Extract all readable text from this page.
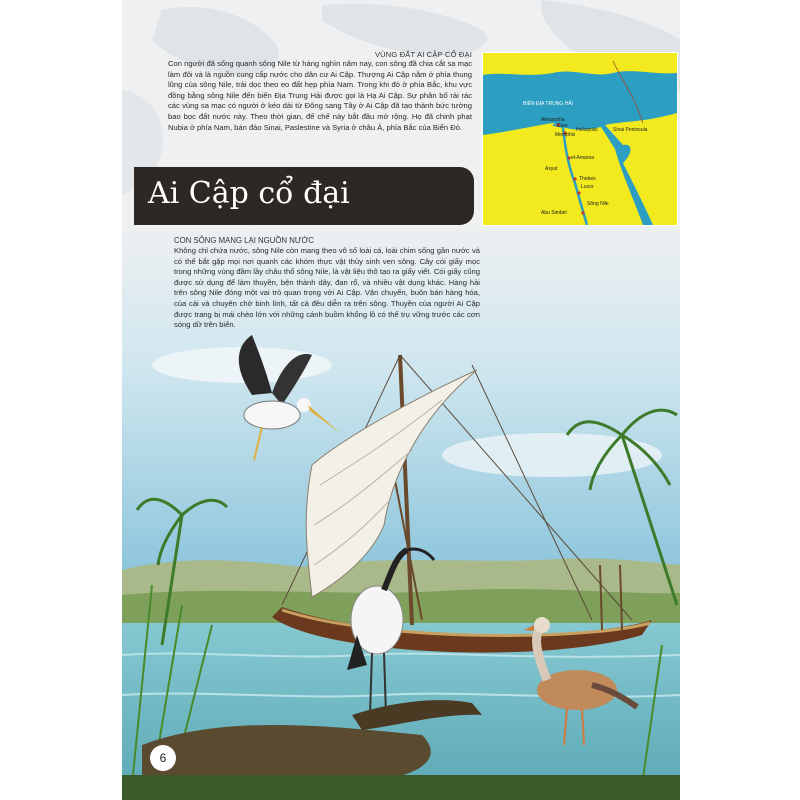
VÙNG ĐẤT AI CẬP CỔ ĐẠI
Con người đã sống quanh sông Nile từ hàng nghìn năm nay, con sông đã chia cắt sa mạc làm đôi và là nguồn cung cấp nước cho dân cư Ai Cập. Thượng Ai Cập nằm ở phía thung lũng của sông Nile, trải dọc theo eo đất hẹp phía Nam. Trong khi đó ở phía Bắc, khu vực đồng bằng sông Nile đến biển Địa Trung Hải được gọi là Hạ Ai Cập. Sự phân bố rải rác các vùng sa mạc có người ở kéo dài từ Đông sang Tây ở Ai Cập đã tạo thành bức tường bao bọc đất nước này. Theo thời gian, đế chế này bắt đầu mở rộng. Họ đã chinh phạt Nubia ở phía Nam, bán đảo Sinai, Paslestine và Syria ở châu Á, phía Bắc của Biển Đỏ.
BIỂN ĐỊA TRUNG HẢI
Alexandria
Giza
Memphis
Heliopolis	Sinai Peninsula
el-Amarna
Asyut
Thebes
Luxor
Abu Simbel
Sông Nile
Ai Cập cổ đại
CON SÔNG MANG LẠI NGUỒN NƯỚC
Không chỉ chứa nước, sông Nile còn mang theo vô số loài cá, loài chim sống gần nước và có thể bắt gặp mọi nơi quanh các khóm thực vật thủy sinh ven sông. Cây cói giấy mọc trong những vùng đầm lầy châu thổ sông Nile, là vật liệu thô tạo ra giấy viết. Cói giấy cũng được sử dụng để làm thuyền, bện thành dây, đan rổ, và nhiều vật dụng khác. Hàng hải trên sông Nile đóng một vai trò quan trọng với Ai Cập. Vận chuyển, buôn bán hàng hóa, của cải và chuyên chở binh lính, tất cả đều diễn ra trên sông. Thuyền của người Ai Cập được trang bị mái chèo lớn với những cánh buồm khổng lồ có thể trụ vững trước các cơn sóng dữ trên biển.
6
